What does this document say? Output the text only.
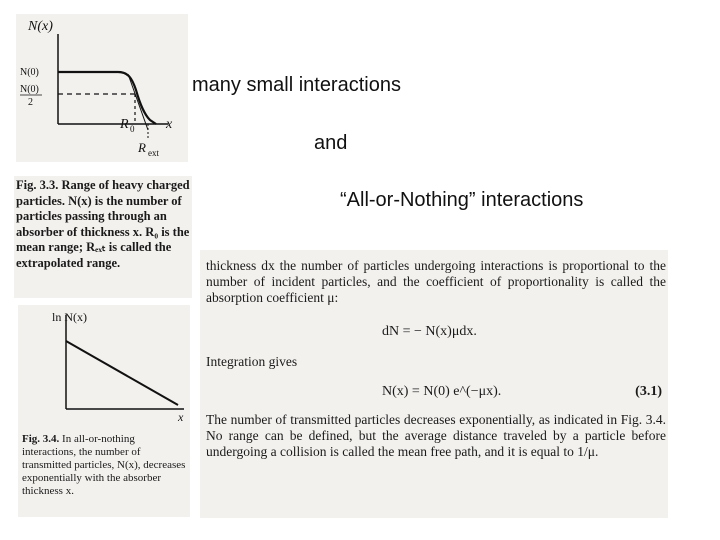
N(x)
N(0)
N(0)
2
R 0 x
R ext
Fig. 3.3. Range of heavy charged particles. N(x) is the number of particles passing through an absorber of thickness x. R₀ is the mean range; Rₑₓₜ is called the extrapolated range.
ln N(x)
x
Fig. 3.4. In all-or-nothing interactions, the number of transmitted particles, N(x), decreases exponentially with the absorber thickness x.
many small interactions
and
“All-or-Nothing” interactions
thickness dx the number of particles undergoing interactions is proportional to the number of incident particles, and the coefficient of proportionality is called the absorption coefficient μ:
dN = − N(x)μdx.
Integration gives
N(x) = N(0) e^(−μx).	(3.1)
The number of transmitted particles decreases exponentially, as indicated in Fig. 3.4. No range can be defined, but the average distance traveled by a particle before undergoing a collision is called the mean free path, and it is equal to 1/μ.
